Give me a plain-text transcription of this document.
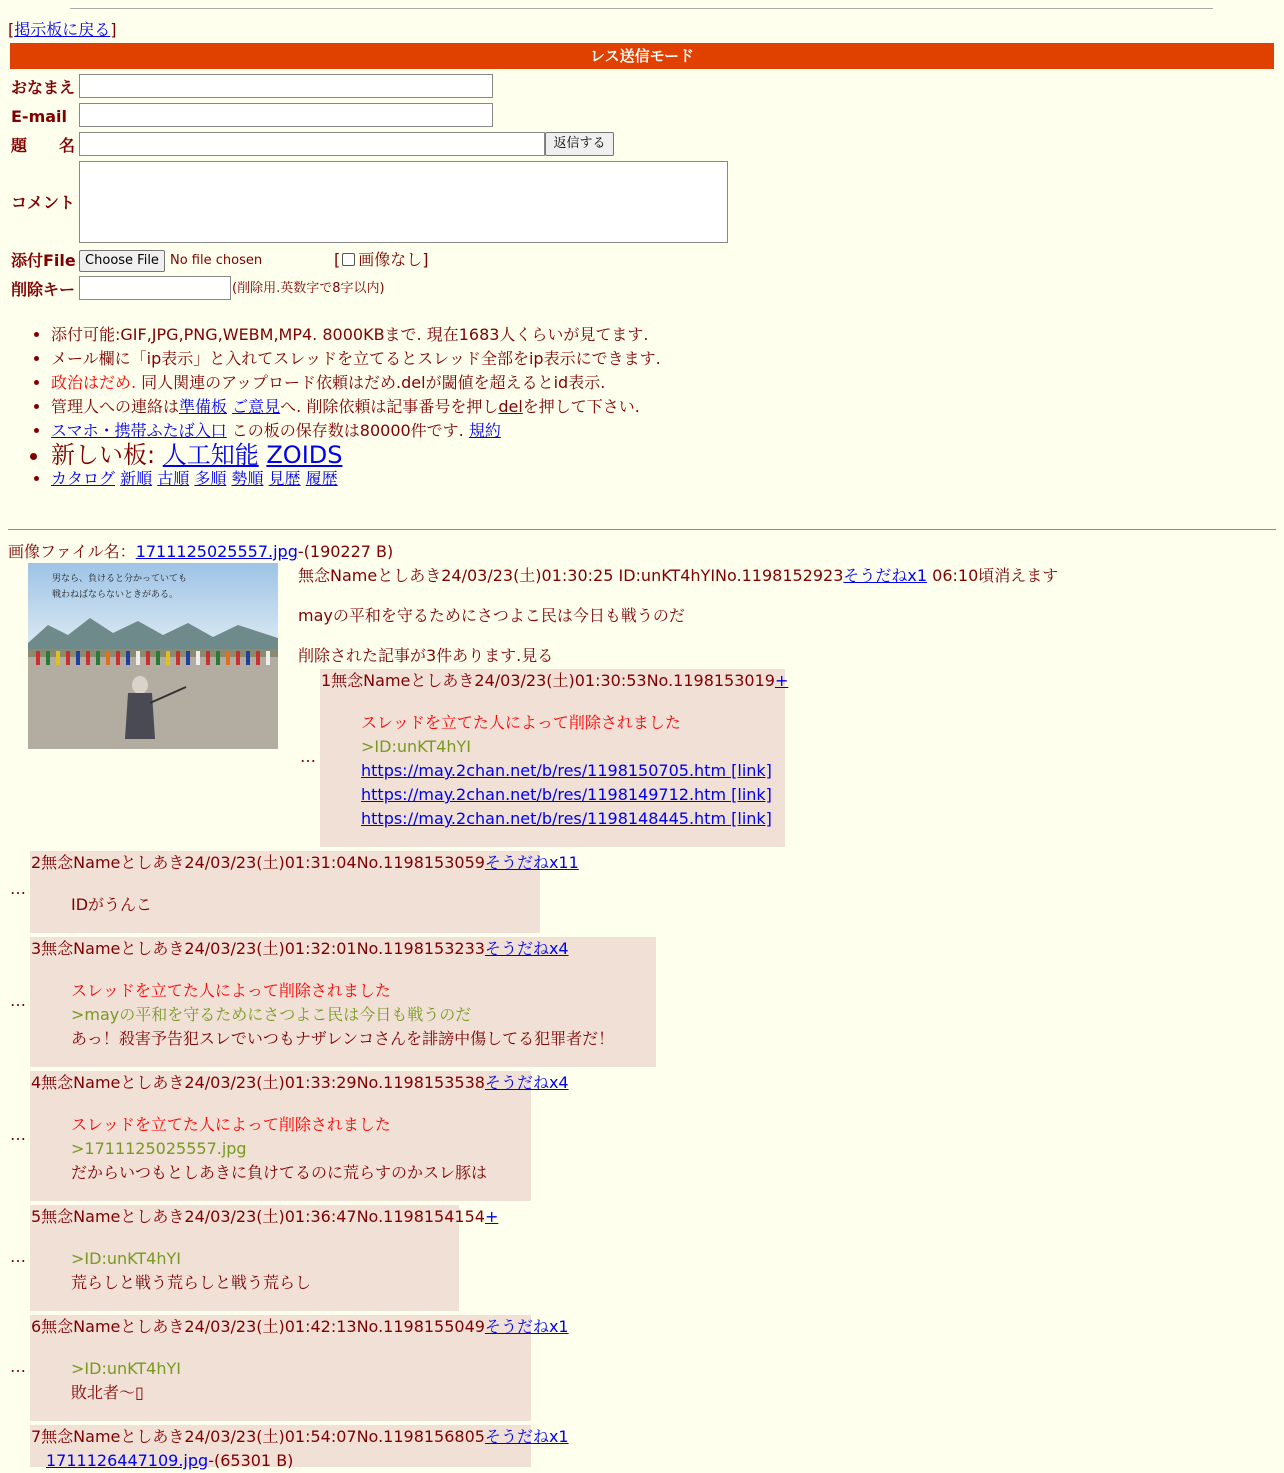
[掲示板に戻る]
レス送信モード
おなまえ
E-mail
題　　名	返信する
コメント
添付File Choose File No file chosen	[ 画像なし]
削除キー	(削除用.英数字で8字以内)
• 添付可能:GIF,JPG,PNG,WEBM,MP4. 8000KBまで. 現在1683人くらいが見てます.
• メール欄に「ip表示」と入れてスレッドを立てるとスレッド全部をip表示にできます.
• 政治はだめ. 同人関連のアップロード依頼はだめ.delが閾値を超えるとid表示.
• 管理人への連絡は準備板 ご意見へ. 削除依頼は記事番号を押しdelを押して下さい.
• スマホ・携帯ふたば入口 この板の保存数は80000件です. 規約
• 新しい板: 人工知能 ZOIDS
• カタログ 新順 古順 多順 勢順 見歴 履歴
画像ファイル名：1711125025557.jpg-(190227 B)
男なら、負けると分かっていても
戦わねばならないときがある。
無念Nameとしあき24/03/23(土)01:30:25 ID:unKT4hYINo.1198152923そうだねx1 06:10頃消えます
mayの平和を守るためにさつよこ民は今日も戦うのだ
削除された記事が3件あります.見る
…
1無念Nameとしあき24/03/23(土)01:30:53No.1198153019+
スレッドを立てた人によって削除されました
>ID:unKT4hYI
https://may.2chan.net/b/res/1198150705.htm [link]
https://may.2chan.net/b/res/1198149712.htm [link]
https://may.2chan.net/b/res/1198148445.htm [link]
…
2無念Nameとしあき24/03/23(土)01:31:04No.1198153059そうだねx11
IDがうんこ
…
3無念Nameとしあき24/03/23(土)01:32:01No.1198153233そうだねx4
スレッドを立てた人によって削除されました
>mayの平和を守るためにさつよこ民は今日も戦うのだ
あっ！殺害予告犯スレでいつもナザレンコさんを誹謗中傷してる犯罪者だ！
…
4無念Nameとしあき24/03/23(土)01:33:29No.1198153538そうだねx4
スレッドを立てた人によって削除されました
>1711125025557.jpg
だからいつもとしあきに負けてるのに荒らすのかスレ豚は
…
5無念Nameとしあき24/03/23(土)01:36:47No.1198154154+
>ID:unKT4hYI
荒らしと戦う荒らしと戦う荒らし
…
6無念Nameとしあき24/03/23(土)01:42:13No.1198155049そうだねx1
>ID:unKT4hYI
敗北者〜▯
7無念Nameとしあき24/03/23(土)01:54:07No.1198156805そうだねx1
1711126447109.jpg-(65301 B)
